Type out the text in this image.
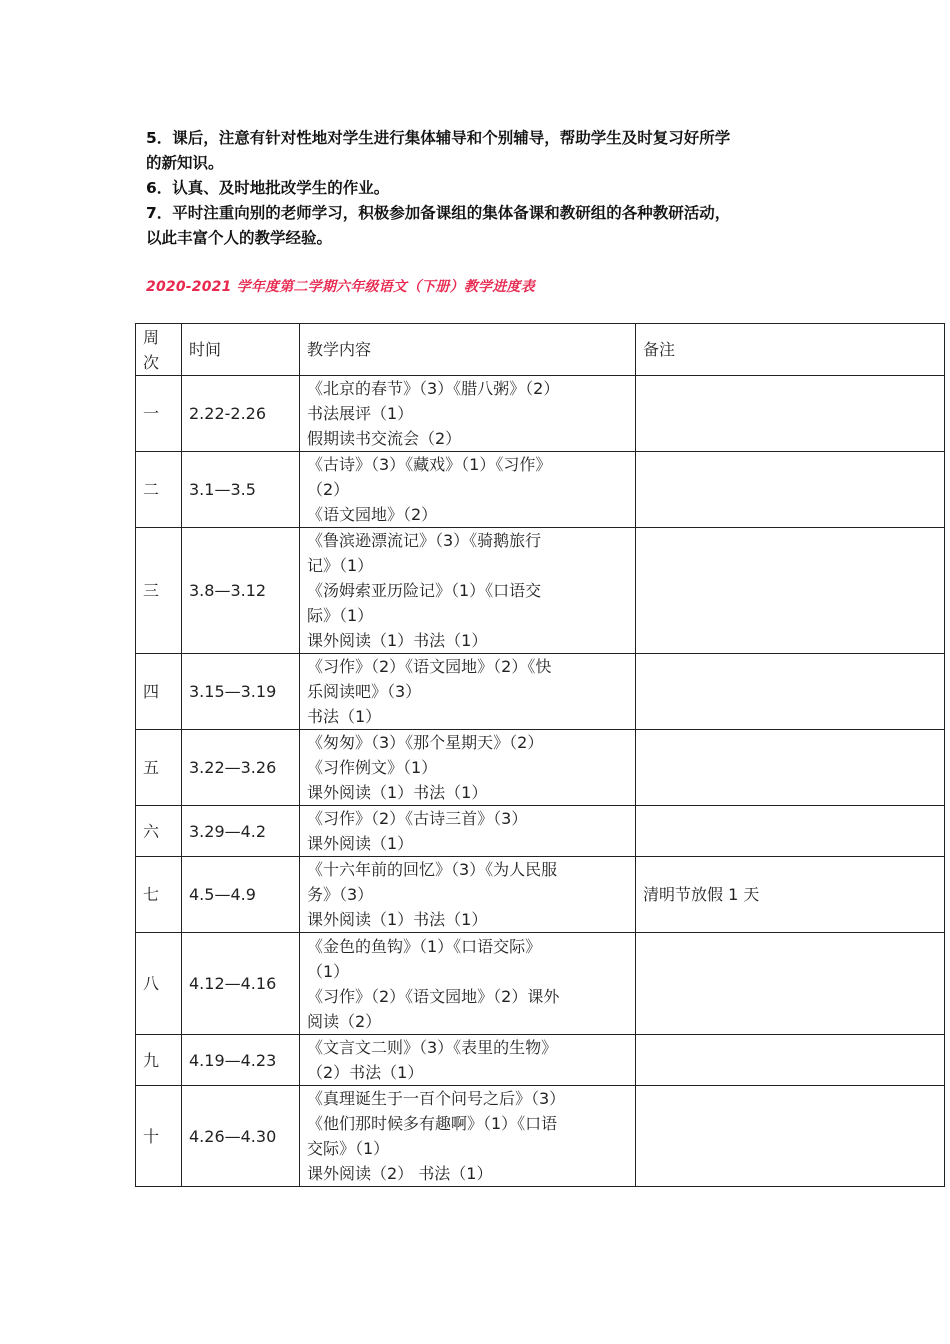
5．课后，注意有针对性地对学生进行集体辅导和个别辅导，帮助学生及时复习好所学

的新知识。

6．认真、及时地批改学生的作业。

7．平时注重向别的老师学习，积极参加备课组的集体备课和教研组的各种教研活动，

以此丰富个人的教学经验。

2020-2021 学年度第二学期六年级语文（下册）教学进度表
周
次	时间	教学内容	备注
一	2.22-2.26	《北京的春节》（3）《腊八粥》（2）
书法展评（1）
假期读书交流会（2）	

二	3.1—3.5	《古诗》（3）《藏戏》（1）《习作》
（2）
《语文园地》（2）	

三	3.8—3.12	《鲁滨逊漂流记》（3）《骑鹅旅行
记》（1）
《汤姆索亚历险记》（1）《口语交
际》（1）
课外阅读（1）书法（1）	

四	3.15—3.19	《习作》（2）《语文园地》（2）《快
乐阅读吧》（3）
书法（1）	

五	3.22—3.26	《匆匆》（3）《那个星期天》（2）
《习作例文》（1）
课外阅读（1）书法（1）	

六	3.29—4.2	《习作》（2）《古诗三首》（3）
课外阅读（1）	

七	4.5—4.9	《十六年前的回忆》（3）《为人民服
务》（3）
课外阅读（1）书法（1）	清明节放假 1 天
八	4.12—4.16	《金色的鱼钩》（1）《口语交际》
（1）
《习作》（2）《语文园地》（2）课外
阅读（2）	

九	4.19—4.23	《文言文二则》（3）《表里的生物》
（2）书法（1）	

十	4.26—4.30	《真理诞生于一百个问号之后》（3）
《他们那时候多有趣啊》（1）《口语
交际》（1）
课外阅读（2） 书法（1）	
